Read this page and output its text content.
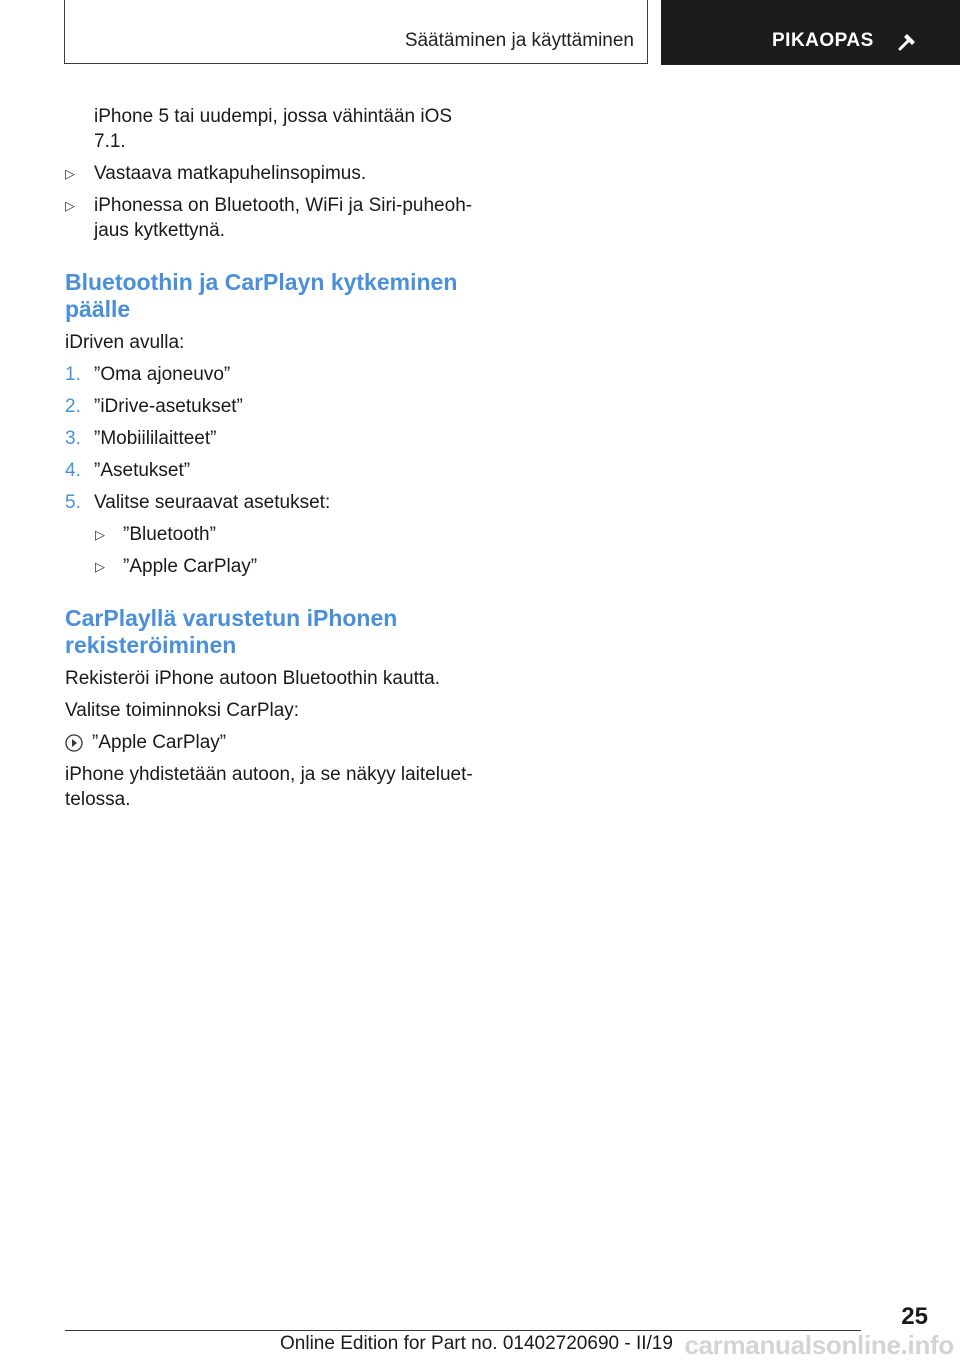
Säätäminen ja käyttäminen	PIKAOPAS
iPhone 5 tai uudempi, jossa vähintään iOS 7.1.
▷ Vastaava matkapuhelinsopimus.
▷ iPhonessa on Bluetooth, WiFi ja Siri-puheohjaus kytkettynä.
Bluetoothin ja CarPlayn kytkeminen päälle
iDriven avulla:
1. ”Oma ajoneuvo”
2. ”iDrive-asetukset”
3. ”Mobiililaitteet”
4. ”Asetukset”
5. Valitse seuraavat asetukset:
▷ ”Bluetooth”
▷ ”Apple CarPlay”
CarPlayllä varustetun iPhonen rekisteröiminen
Rekisteröi iPhone autoon Bluetoothin kautta.
Valitse toiminnoksi CarPlay:
”Apple CarPlay”
iPhone yhdistetään autoon, ja se näkyy laiteluettelossa.
25
Online Edition for Part no. 01402720690 - II/19 carmanualsonline.info
